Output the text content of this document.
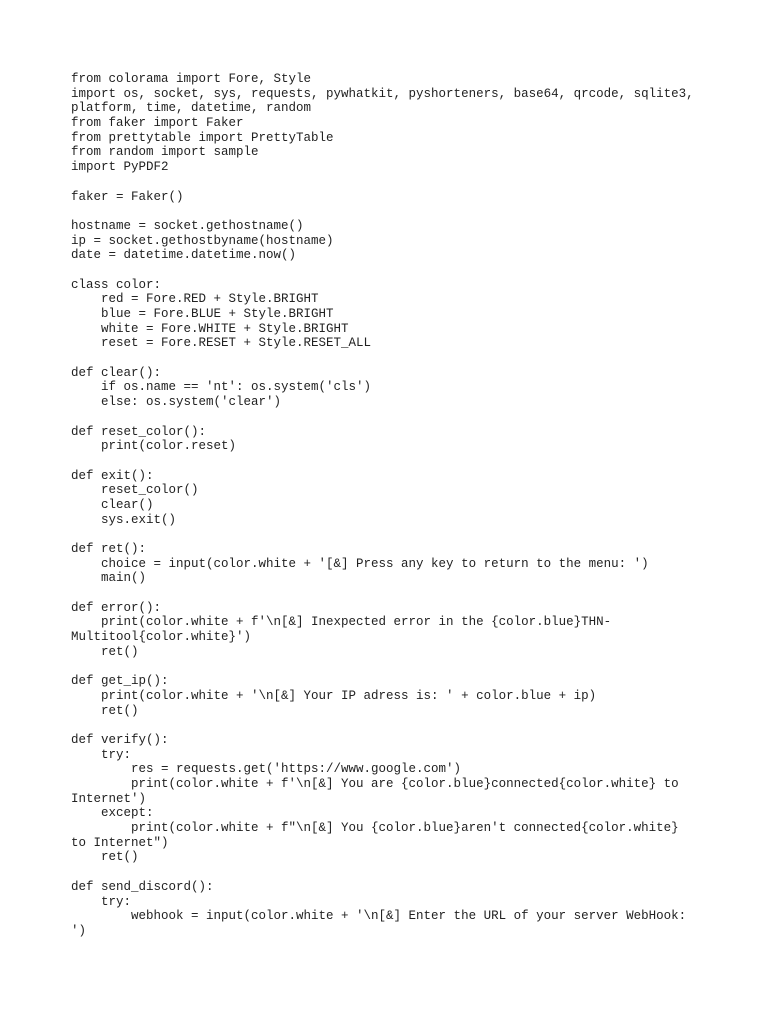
from colorama import Fore, Style
import os, socket, sys, requests, pywhatkit, pyshorteners, base64, qrcode, sqlite3,
platform, time, datetime, random
from faker import Faker
from prettytable import PrettyTable
from random import sample
import PyPDF2
faker = Faker()
hostname = socket.gethostname()
ip = socket.gethostbyname(hostname)
date = datetime.datetime.now()
class color:
red = Fore.RED + Style.BRIGHT
blue = Fore.BLUE + Style.BRIGHT
white = Fore.WHITE + Style.BRIGHT
reset = Fore.RESET + Style.RESET_ALL
def clear():
if os.name == 'nt': os.system('cls')
else: os.system('clear')
def reset_color():
print(color.reset)
def exit():
reset_color()
clear()
sys.exit()
def ret():
choice = input(color.white + '[&] Press any key to return to the menu: ')
main()
def error():
print(color.white + f'\n[&] Inexpected error in the {color.blue}THN-
Multitool{color.white}')
ret()
def get_ip():
print(color.white + '\n[&] Your IP adress is: ' + color.blue + ip)
ret()
def verify():
try:
res = requests.get('https://www.google.com')
print(color.white + f'\n[&] You are {color.blue}connected{color.white} to
Internet')
except:
print(color.white + f"\n[&] You {color.blue}aren't connected{color.white}
to Internet")
ret()
def send_discord():
try:
webhook = input(color.white + '\n[&] Enter the URL of your server WebHook:
')
